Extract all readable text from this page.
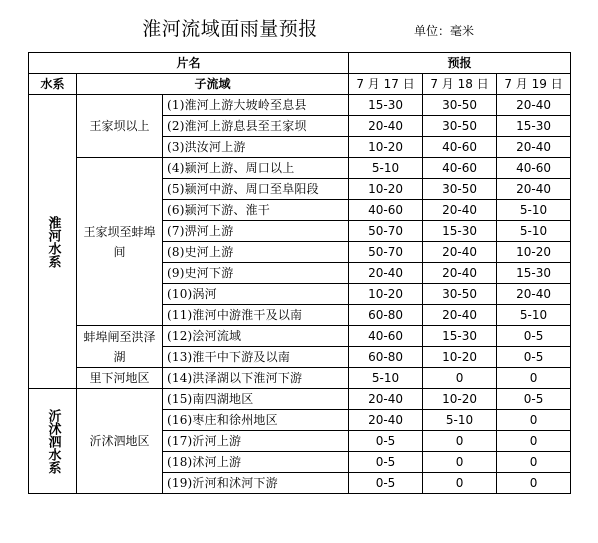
淮河流域面雨量预报	单位：毫米
片名			预报		
水系	子流域		7 月 17 日	7 月 18 日	7 月 19 日

淮河水系	王家坝以上	(1)淮河上游大坡岭至息县	15-30	30-50	20-40
		(2)淮河上游息县至王家坝	20-40	30-50	15-30
		(3)洪汝河上游	10-20	40-60	20-40
	王家坝至蚌埠间	(4)颍河上游、周口以上	5-10	40-60	40-60
		(5)颍河中游、周口至阜阳段	10-20	30-50	20-40
		(6)颍河下游、淮干	40-60	20-40	5-10
		(7)淠河上游	50-70	15-30	5-10
		(8)史河上游	50-70	20-40	10-20
		(9)史河下游	20-40	20-40	15-30
		(10)涡河	10-20	30-50	20-40
		(11)淮河中游淮干及以南	60-80	20-40	5-10
	蚌埠闸至洪泽湖	(12)浍河流域	40-60	15-30	0-5
		(13)淮干中下游及以南	60-80	10-20	0-5
	里下河地区	(14)洪泽湖以下淮河下游	5-10	0	0

沂沭泗水系	沂沭泗地区	(15)南四湖地区	20-40	10-20	0-5
		(16)枣庄和徐州地区	20-40	5-10	0
		(17)沂河上游	0-5	0	0
		(18)沭河上游	0-5	0	0
		(19)沂河和沭河下游	0-5	0	0
